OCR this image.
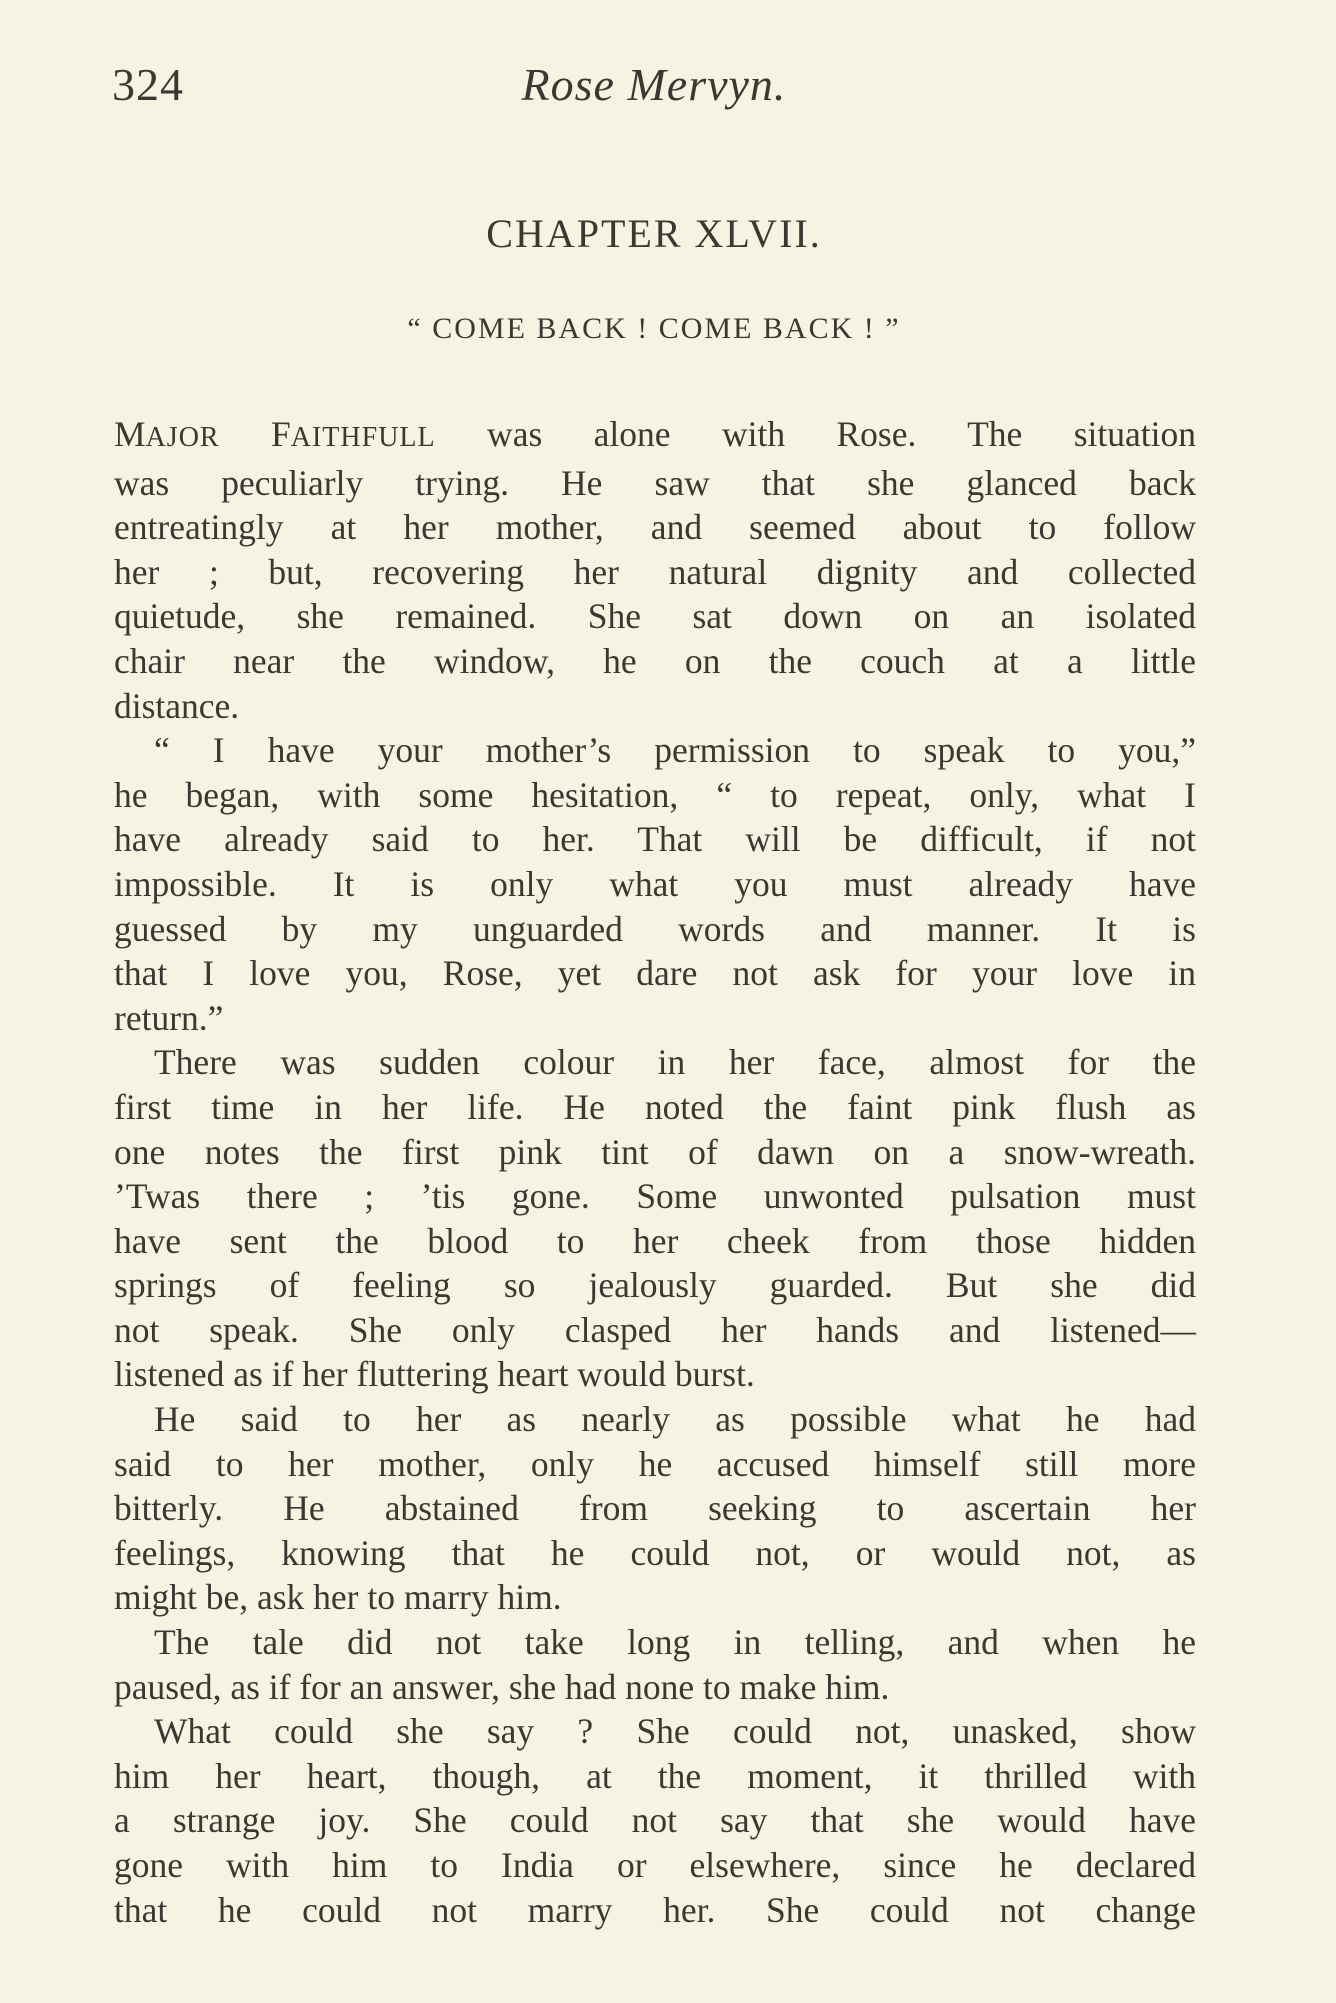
324	Rose Mervyn.
CHAPTER XLVII.
“ COME BACK ! COME BACK ! ”

MAJOR FAITHFULL was alone with Rose. The situation

was peculiarly trying. He saw that she glanced back

entreatingly at her mother, and seemed about to follow

her ; but, recovering her natural dignity and collected

quietude, she remained. She sat down on an isolated

chair near the window, he on the couch at a little

distance.

“ I have your mother’s permission to speak to you,”

he began, with some hesitation, “ to repeat, only, what I

have already said to her. That will be difficult, if not

impossible. It is only what you must already have

guessed by my unguarded words and manner. It is

that I love you, Rose, yet dare not ask for your love in

return.”

There was sudden colour in her face, almost for the

first time in her life. He noted the faint pink flush as

one notes the first pink tint of dawn on a snow-wreath.

’Twas there ; ’tis gone. Some unwonted pulsation must

have sent the blood to her cheek from those hidden

springs of feeling so jealously guarded. But she did

not speak. She only clasped her hands and listened—

listened as if her fluttering heart would burst.

He said to her as nearly as possible what he had

said to her mother, only he accused himself still more

bitterly. He abstained from seeking to ascertain her

feelings, knowing that he could not, or would not, as

might be, ask her to marry him.

The tale did not take long in telling, and when he

paused, as if for an answer, she had none to make him.

What could she say ? She could not, unasked, show

him her heart, though, at the moment, it thrilled with

a strange joy. She could not say that she would have

gone with him to India or elsewhere, since he declared

that he could not marry her. She could not change
